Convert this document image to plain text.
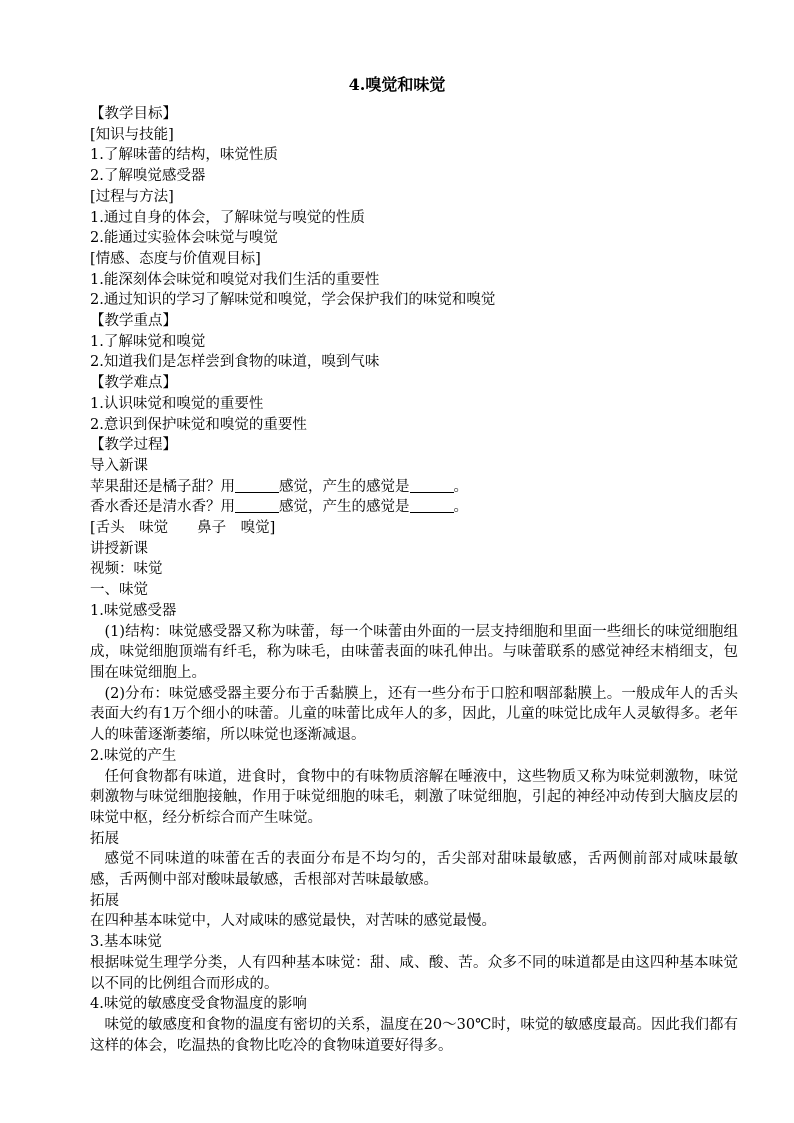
4.嗅觉和味觉
【教学目标】
[知识与技能]
1.了解味蕾的结构，味觉性质
2.了解嗅觉感受器
[过程与方法]
1.通过自身的体会，了解味觉与嗅觉的性质
2.能通过实验体会味觉与嗅觉
[情感、态度与价值观目标]
1.能深刻体会味觉和嗅觉对我们生活的重要性
2.通过知识的学习了解味觉和嗅觉，学会保护我们的味觉和嗅觉
【教学重点】
1.了解味觉和嗅觉
2.知道我们是怎样尝到食物的味道，嗅到气味
【教学难点】
1.认识味觉和嗅觉的重要性
2.意识到保护味觉和嗅觉的重要性
【教学过程】
导入新课
苹果甜还是橘子甜？用	感觉，产生的感觉是	。
香水香还是清水香？用	感觉，产生的感觉是	。
[舌头　味觉　　鼻子　嗅觉]
讲授新课
视频：味觉
一、味觉
1.味觉感受器
(1)结构：味觉感受器又称为味蕾，每一个味蕾由外面的一层支持细胞和里面一些细长的味觉细胞组成，味觉细胞顶端有纤毛，称为味毛，由味蕾表面的味孔伸出。与味蕾联系的感觉神经末梢细支，包围在味觉细胞上。
(2)分布：味觉感受器主要分布于舌黏膜上，还有一些分布于口腔和咽部黏膜上。一般成年人的舌头表面大约有1万个细小的味蕾。儿童的味蕾比成年人的多，因此，儿童的味觉比成年人灵敏得多。老年人的味蕾逐渐萎缩，所以味觉也逐渐减退。
2.味觉的产生
任何食物都有味道，进食时，食物中的有味物质溶解在唾液中，这些物质又称为味觉刺激物，味觉刺激物与味觉细胞接触，作用于味觉细胞的味毛，刺激了味觉细胞，引起的神经冲动传到大脑皮层的味觉中枢，经分析综合而产生味觉。
拓展
感觉不同味道的味蕾在舌的表面分布是不均匀的，舌尖部对甜味最敏感，舌两侧前部对咸味最敏感，舌两侧中部对酸味最敏感，舌根部对苦味最敏感。
拓展
在四种基本味觉中，人对咸味的感觉最快，对苦味的感觉最慢。
3.基本味觉
根据味觉生理学分类，人有四种基本味觉：甜、咸、酸、苦。众多不同的味道都是由这四种基本味觉以不同的比例组合而形成的。
4.味觉的敏感度受食物温度的影响
味觉的敏感度和食物的温度有密切的关系，温度在20～30℃时，味觉的敏感度最高。因此我们都有这样的体会，吃温热的食物比吃冷的食物味道要好得多。
